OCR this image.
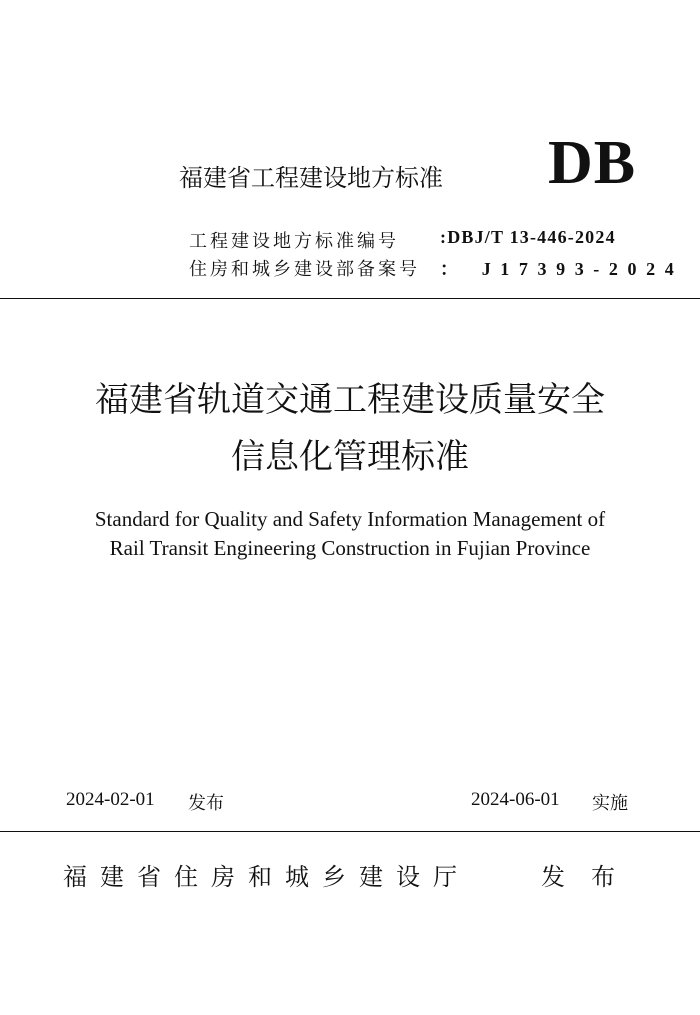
福建省工程建设地方标准 DB
工程建设地方标准编号 :DBJ/T 13-446-2024
住房和城乡建设部备案号 ： J17393-2024
福建省轨道交通工程建设质量安全
信息化管理标准
Standard for Quality and Safety Information Management of
Rail Transit Engineering Construction in Fujian Province
2024-02-01 发布	2024-06-01 实施
福建省住房和城乡建设厅	发布
